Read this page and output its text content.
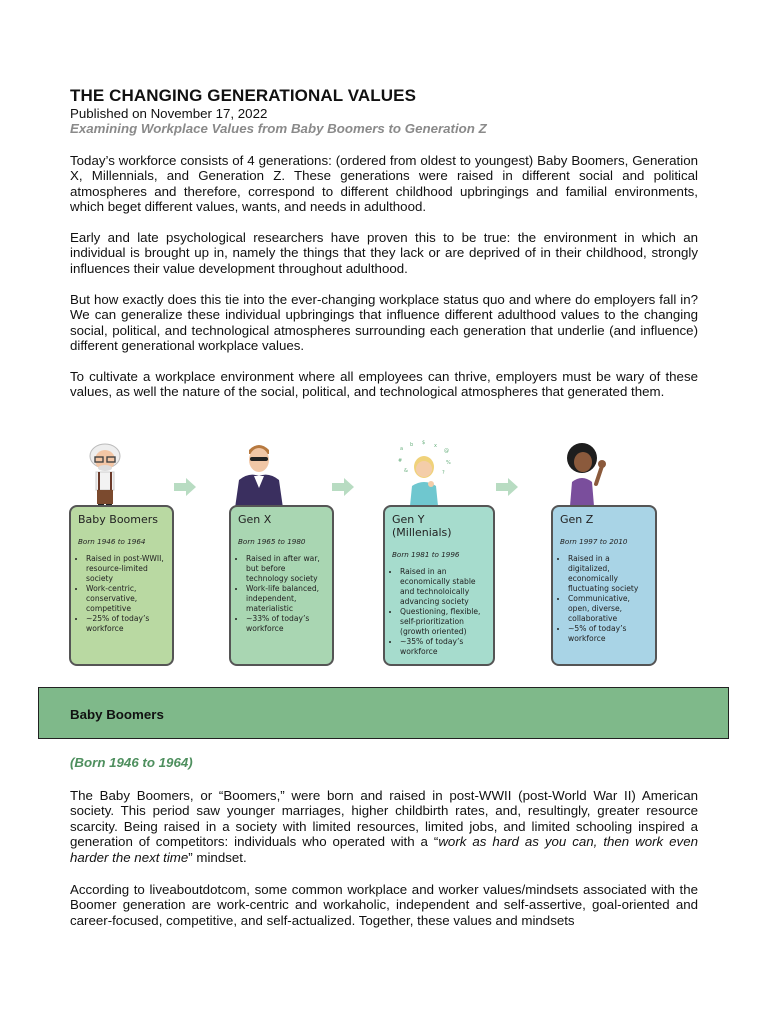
THE CHANGING GENERATIONAL VALUES

Published on November 17, 2022

Examining Workplace Values from Baby Boomers to Generation Z

Today’s workforce consists of 4 generations: (ordered from oldest to youngest) Baby Boomers, Generation X, Millennials, and Generation Z. These generations were raised in different social and political atmospheres and therefore, correspond to different childhood upbringings and familial environments, which beget different values, wants, and needs in adulthood.

Early and late psychological researchers have proven this to be true: the environment in which an individual is brought up in, namely the things that they lack or are deprived of in their childhood, strongly influences their value development throughout adulthood.

But how exactly does this tie into the ever-changing workplace status quo and where do employers fall in? We can generalize these individual upbringings that influence different adulthood values to the changing social, political, and technological atmospheres surrounding each generation that underlie (and influence) different generational workplace values.

To cultivate a workplace environment where all employees can thrive, employers must be wary of these values, as well the nature of the social, political, and technological atmospheres that generated them.

a
b $ x
@
#	%
&	?
Baby Boomers
Born 1946 to 1964
• Raised in post-WWII, resource-limited society
• Work-centric, conservative, competitive
• ~25% of today’s workforce
Gen X
Born 1965 to 1980
• Raised in after war, but before technology society
• Work-life balanced, independent, materialistic
• ~33% of today’s workforce
Gen Y (Millenials)
Born 1981 to 1996
• Raised in an economically stable and technoloically advancing society
• Questioning, flexible, self-prioritization (growth oriented)
• ~35% of today’s workforce
Gen Z
Born 1997 to 2010
• Raised in a digitalized, economically fluctuating society
• Communicative, open, diverse, collaborative
• ~5% of today’s workforce
Baby Boomers
(Born 1946 to 1964)

The Baby Boomers, or “Boomers,” were born and raised in post-WWII (post-World War II) American society. This period saw younger marriages, higher childbirth rates, and, resultingly, greater resource scarcity. Being raised in a society with limited resources, limited jobs, and limited schooling inspired a generation of competitors: individuals who operated with a “work as hard as you can, then work even harder the next time” mindset.

According to liveaboutdotcom, some common workplace and worker values/mindsets associated with the Boomer generation are work-centric and workaholic, independent and self-assertive, goal-oriented and career-focused, competitive, and self-actualized. Together, these values and mindsets
